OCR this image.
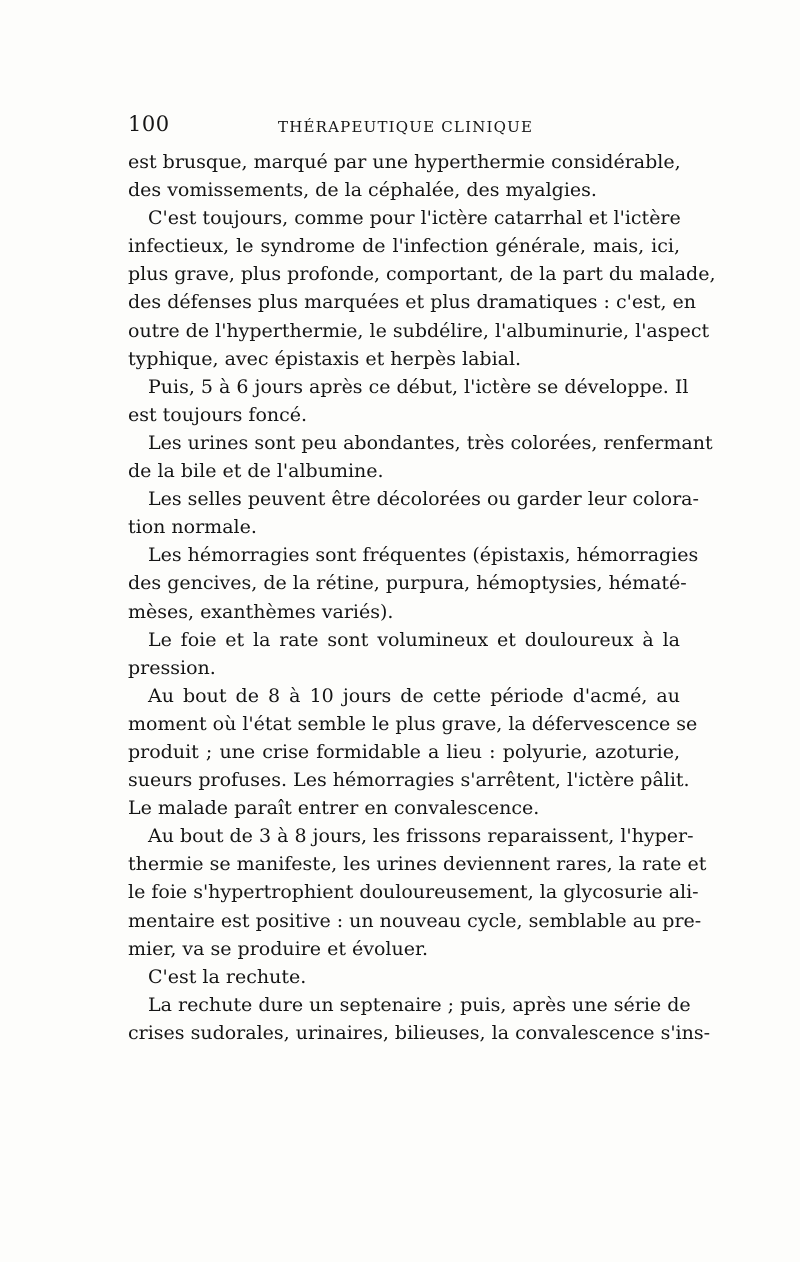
100	THÉRAPEUTIQUE CLINIQUE
est brusque, marqué par une hyperthermie considérable,
des vomissements, de la céphalée, des myalgies.
C'est toujours, comme pour l'ictère catarrhal et l'ictère
infectieux, le syndrome de l'infection générale, mais, ici,
plus grave, plus profonde, comportant, de la part du malade,
des défenses plus marquées et plus dramatiques : c'est, en
outre de l'hyperthermie, le subdélire, l'albuminurie, l'aspect
typhique, avec épistaxis et herpès labial.
Puis, 5 à 6 jours après ce début, l'ictère se développe. Il
est toujours foncé.
Les urines sont peu abondantes, très colorées, renfermant
de la bile et de l'albumine.
Les selles peuvent être décolorées ou garder leur colora-
tion normale.
Les hémorragies sont fréquentes (épistaxis, hémorragies
des gencives, de la rétine, purpura, hémoptysies, hématé-
mèses, exanthèmes variés).
Le foie et la rate sont volumineux et douloureux à la
pression.
Au bout de 8 à 10 jours de cette période d'acmé, au
moment où l'état semble le plus grave, la défervescence se
produit ; une crise formidable a lieu : polyurie, azoturie,
sueurs profuses. Les hémorragies s'arrêtent, l'ictère pâlit.
Le malade paraît entrer en convalescence.
Au bout de 3 à 8 jours, les frissons reparaissent, l'hyper-
thermie se manifeste, les urines deviennent rares, la rate et
le foie s'hypertrophient douloureusement, la glycosurie ali-
mentaire est positive : un nouveau cycle, semblable au pre-
mier, va se produire et évoluer.
C'est la rechute.
La rechute dure un septenaire ; puis, après une série de
crises sudorales, urinaires, bilieuses, la convalescence s'ins-
